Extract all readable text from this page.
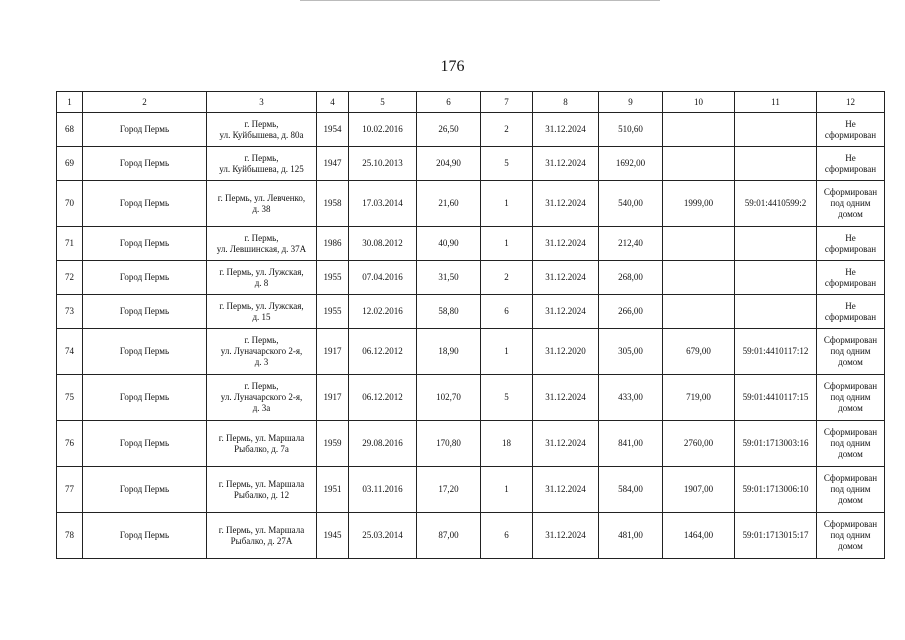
176
1	2	3	4	5	6	7	8	9	10	11	12
68	Город Пермь	г. Пермь,
ул. Куйбышева, д. 80а	1954	10.02.2016	26,50	2	31.12.2024	510,60			Не сформирован
69	Город Пермь	г. Пермь,
ул. Куйбышева, д. 125	1947	25.10.2013	204,90	5	31.12.2024	1692,00			Не сформирован
70	Город Пермь	г. Пермь, ул. Левченко,
д. 38	1958	17.03.2014	21,60	1	31.12.2024	540,00	1999,00	59:01:4410599:2	Сформирован
под одним
домом
71	Город Пермь	г. Пермь,
ул. Левшинская, д. 37А	1986	30.08.2012	40,90	1	31.12.2024	212,40			Не сформирован
72	Город Пермь	г. Пермь, ул. Лужская,
д. 8	1955	07.04.2016	31,50	2	31.12.2024	268,00			Не сформирован
73	Город Пермь	г. Пермь, ул. Лужская,
д. 15	1955	12.02.2016	58,80	6	31.12.2024	266,00			Не сформирован
74	Город Пермь	г. Пермь,
ул. Луначарского 2-я,
д. 3	1917	06.12.2012	18,90	1	31.12.2020	305,00	679,00	59:01:4410117:12	Сформирован
под одним
домом
75	Город Пермь	г. Пермь,
ул. Луначарского 2-я,
д. 3а	1917	06.12.2012	102,70	5	31.12.2024	433,00	719,00	59:01:4410117:15	Сформирован
под одним
домом
76	Город Пермь	г. Пермь, ул. Маршала
Рыбалко, д. 7а	1959	29.08.2016	170,80	18	31.12.2024	841,00	2760,00	59:01:1713003:16	Сформирован
под одним
домом
77	Город Пермь	г. Пермь, ул. Маршала
Рыбалко, д. 12	1951	03.11.2016	17,20	1	31.12.2024	584,00	1907,00	59:01:1713006:10	Сформирован
под одним
домом
78	Город Пермь	г. Пермь, ул. Маршала
Рыбалко, д. 27А	1945	25.03.2014	87,00	6	31.12.2024	481,00	1464,00	59:01:1713015:17	Сформирован
под одним
домом
